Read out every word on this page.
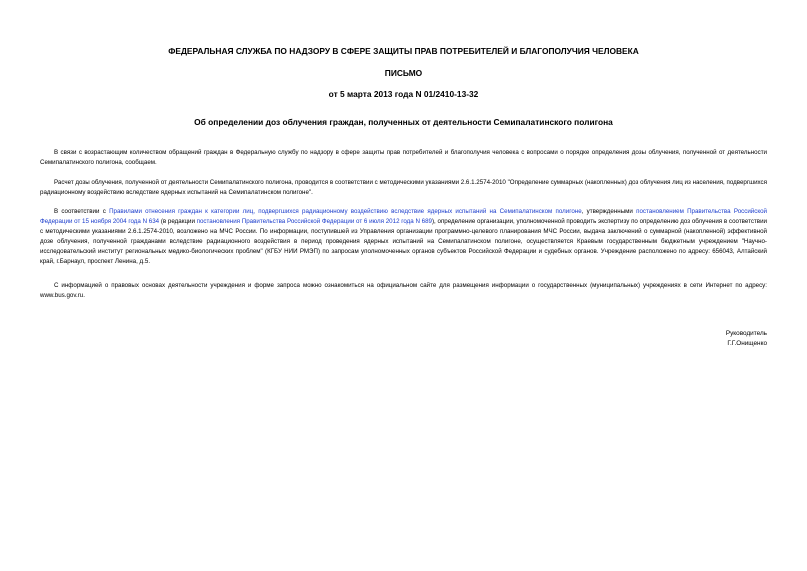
ФЕДЕРАЛЬНАЯ СЛУЖБА ПО НАДЗОРУ В СФЕРЕ ЗАЩИТЫ ПРАВ ПОТРЕБИТЕЛЕЙ И БЛАГОПОЛУЧИЯ ЧЕЛОВЕКА
ПИСЬМО
от 5 марта 2013 года N 01/2410-13-32
Об определении доз облучения граждан, полученных от деятельности Семипалатинского полигона
В связи с возрастающим количеством обращений граждан в Федеральную службу по надзору в сфере защиты прав потребителей и благополучия человека с вопросами о порядке определения дозы облучения, полученной от деятельности Семипалатинского полигона, сообщаем.
Расчет дозы облучения, полученной от деятельности Семипалатинского полигона, проводится в соответствии с методическими указаниями 2.6.1.2574-2010 "Определение суммарных (накопленных) доз облучения лиц из населения, подвергшихся радиационному воздействию вследствие ядерных испытаний на Семипалатинском полигоне".
В соответствии с Правилами отнесения граждан к категории лиц, подвергшихся радиационному воздействию вследствие ядерных испытаний на Семипалатинском полигоне, утвержденными постановлением Правительства Российской Федерации от 15 ноября 2004 года N 634 (в редакции постановления Правительства Российской Федерации от 6 июля 2012 года N 689), определение организации, уполномоченной проводить экспертизу по определению доз облучения в соответствии с методическими указаниями 2.6.1.2574-2010, возложено на МЧС России. По информации, поступившей из Управления организации программно-целевого планирования МЧС России, выдача заключений о суммарной (накопленной) эффективной дозе облучения, полученной гражданами вследствие радиационного воздействия в период проведения ядерных испытаний на Семипалатинском полигоне, осуществляется Краевым государственным бюджетным учреждением "Научно-исследовательский институт региональных медико-биологических проблем" (КГБУ НИИ РМЭП) по запросам уполномоченных органов субъектов Российской Федерации и судебных органов. Учреждение расположено по адресу: 656043, Алтайский край, г.Барнаул, проспект Ленина, д.5.
С информацией о правовых основах деятельности учреждения и форме запроса можно ознакомиться на официальном сайте для размещения информации о государственных (муниципальных) учреждениях в сети Интернет по адресу: www.bus.gov.ru.
Руководитель
Г.Г.Онищенко
